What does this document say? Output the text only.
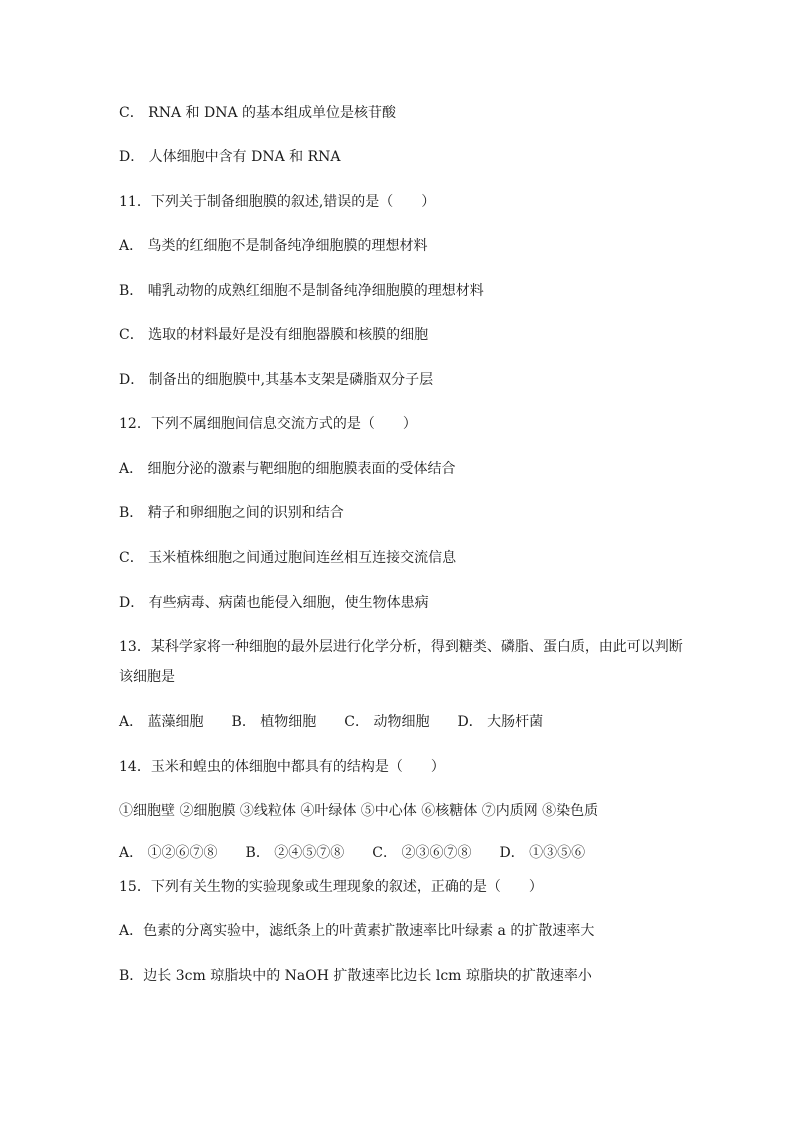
C． RNA 和 DNA 的基本组成单位是核苷酸
D． 人体细胞中含有 DNA 和 RNA
11．下列关于制备细胞膜的叙述,错误的是（　　）
A． 鸟类的红细胞不是制备纯净细胞膜的理想材料
B． 哺乳动物的成熟红细胞不是制备纯净细胞膜的理想材料
C． 选取的材料最好是没有细胞器膜和核膜的细胞
D． 制备出的细胞膜中,其基本支架是磷脂双分子层
12．下列不属细胞间信息交流方式的是（　　）
A． 细胞分泌的激素与靶细胞的细胞膜表面的受体结合
B． 精子和卵细胞之间的识别和结合
C． 玉米植株细胞之间通过胞间连丝相互连接交流信息
D． 有些病毒、病菌也能侵入细胞，使生物体患病
13．某科学家将一种细胞的最外层进行化学分析，得到糖类、磷脂、蛋白质，由此可以判断
该细胞是
A． 蓝藻细胞　　B． 植物细胞　　C． 动物细胞　　D． 大肠杆菌
14．玉米和蝗虫的体细胞中都具有的结构是（　　）
①细胞壁 ②细胞膜 ③线粒体 ④叶绿体 ⑤中心体 ⑥核糖体 ⑦内质网 ⑧染色质
A． ①②⑥⑦⑧　　B． ②④⑤⑦⑧　　C． ②③⑥⑦⑧　　D． ①③⑤⑥
15．下列有关生物的实验现象或生理现象的叙述，正确的是（　　）
A．色素的分离实验中，滤纸条上的叶黄素扩散速率比叶绿素 a 的扩散速率大
B．边长 3cm 琼脂块中的 NaOH 扩散速率比边长 lcm 琼脂块的扩散速率小
